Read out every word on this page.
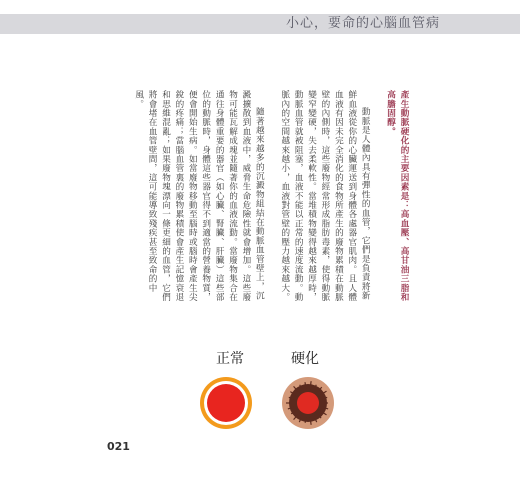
小心，要命的心腦血管病

產生動脈硬化的主要因素是：高血壓、高甘油三脂和高膽固醇。

動脈是人體內具有彈性的血管，它們是負責將新鮮血液從你的心臟運送到身體各處器官肌肉。且人體血液有因未完全消化的食物所產生的廢物累積在動脈壁的內側時，這些廢物經常形成脂肪毒素，使得動脈變窄變硬，失去柔軟性。當堆積物變得越來越厚時，動脈血管就被阻塞，血液不能以正常的速度流動。動脈內的空間越來越小，血液對管壁的壓力越來越大。

隨著越來越多的沉澱物組結在動脈血管壁上，沉澱擴散到血液中，威脅生命危險性就會增加。這些廢物可能瓦解成塊並隨著你的血液流動。當廢物集合在通往身體重要的器官（如心臟、腎臟、肝臟）這些部位的動脈時，身體這些器官得不到適當的營養物質，便會開始生病。如當廢物移動至腦時或腦時會產生尖銳的疼痛；當腦血管裏的廢物累積使會產生記憶衰退和思維混亂；如果廢物塊漂向一條更細的血管，它們將會堵在血管壁間，這可能導致殘疾甚至致命的中風。

正常	硬化
021
